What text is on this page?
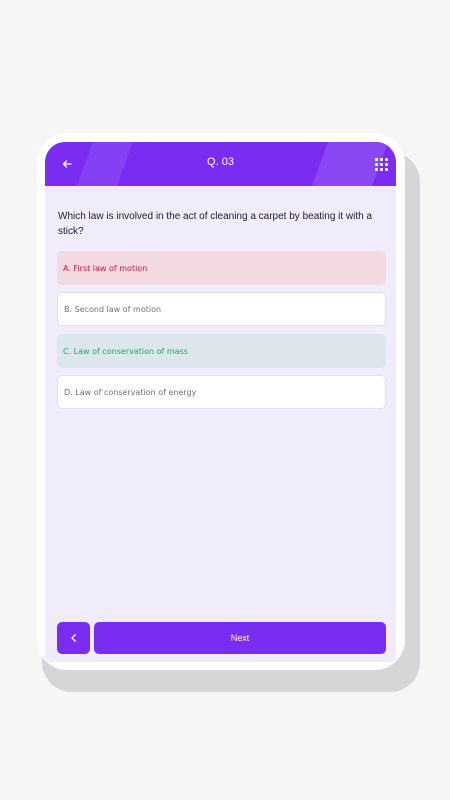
Q. 03
Which law is involved in the act of cleaning a carpet by beating it with a stick?
A. First law of motion
B. Second law of motion
C. Law of conservation of mass
D. Law of conservation of energy
Next
